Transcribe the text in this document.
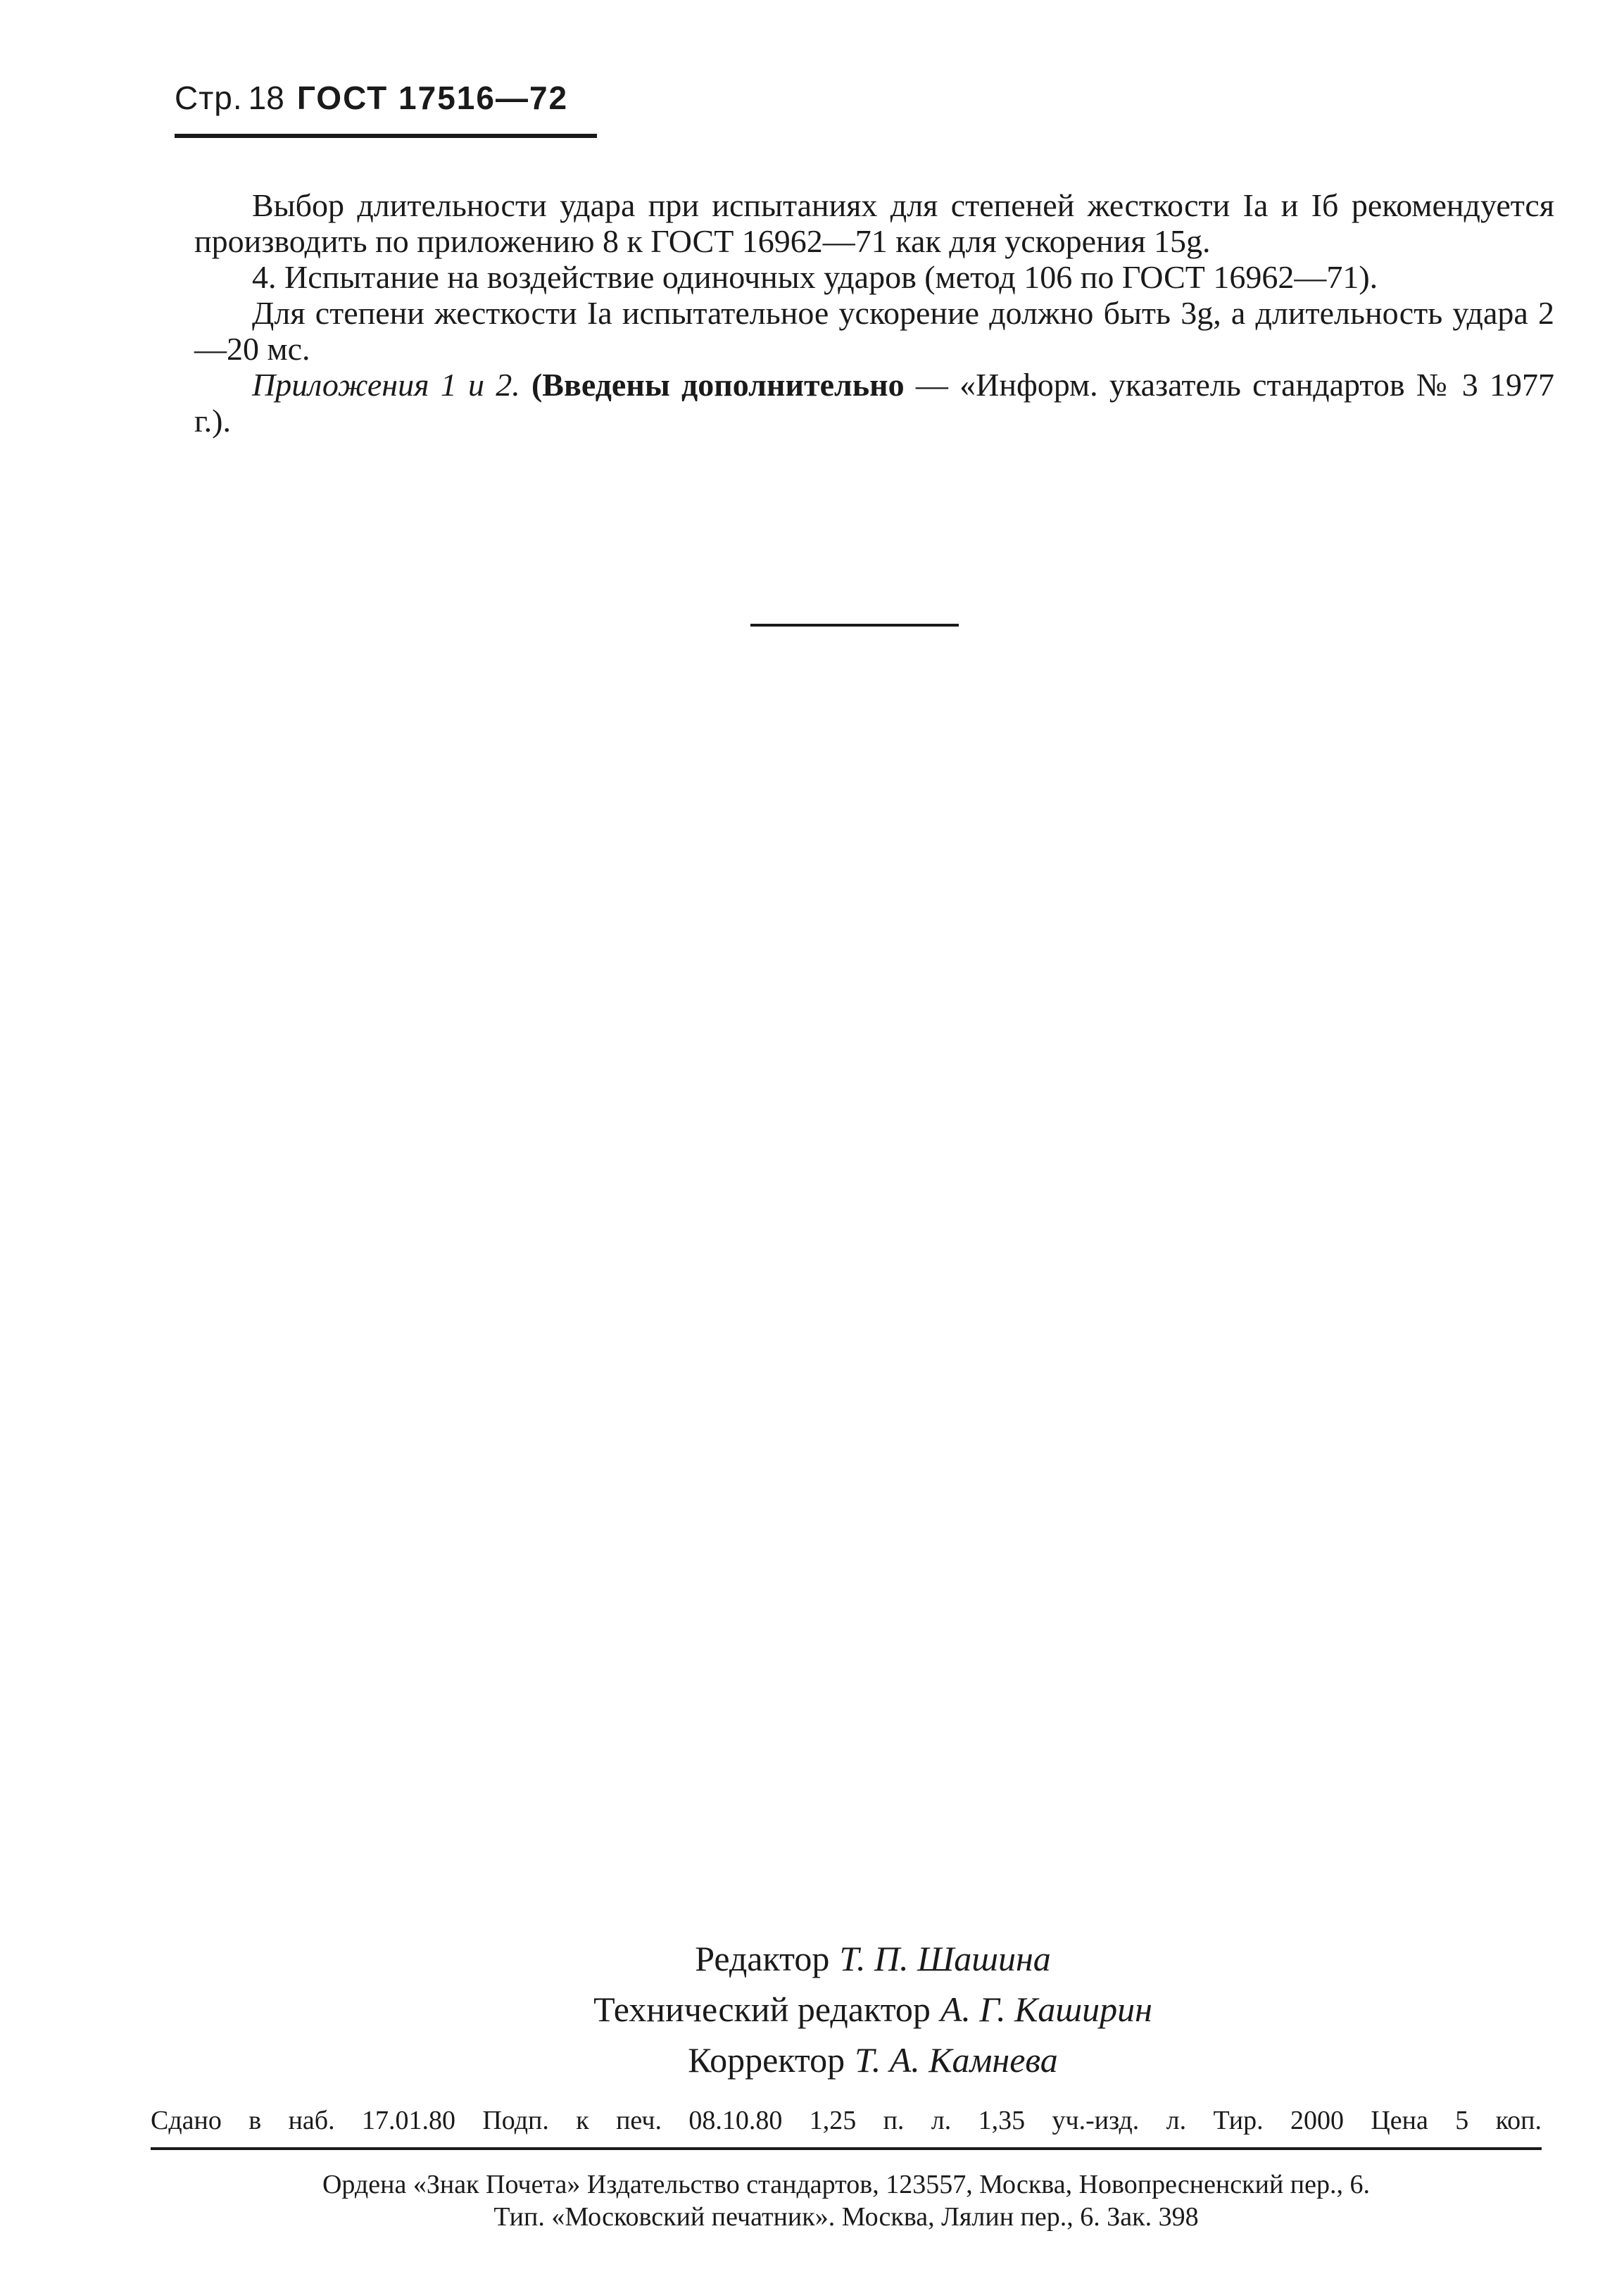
Стр. 18 ГОСТ 17516—72

Выбор длительности удара при испытаниях для степеней жесткости Iа и Iб рекомендуется производить по приложению 8 к ГОСТ 16962—71 как для ускорения 15g.

4. Испытание на воздействие одиночных ударов (метод 106 по ГОСТ 16962—71).

Для степени жесткости Iа испытательное ускорение должно быть 3g, а длительность удара 2—20 мс.

Приложения 1 и 2. (Введены дополнительно — «Информ. указатель стандартов № 3 1977 г.).

Редактор Т. П. Шашина
Технический редактор А. Г. Каширин
Корректор Т. А. Камнева
Сдано в наб. 17.01.80 Подп. к печ. 08.10.80 1,25 п. л. 1,35 уч.-изд. л. Тир. 2000 Цена 5 коп.
Ордена «Знак Почета» Издательство стандартов, 123557, Москва, Новопресненский пер., 6.
Тип. «Московский печатник». Москва, Лялин пер., 6. Зак. 398
